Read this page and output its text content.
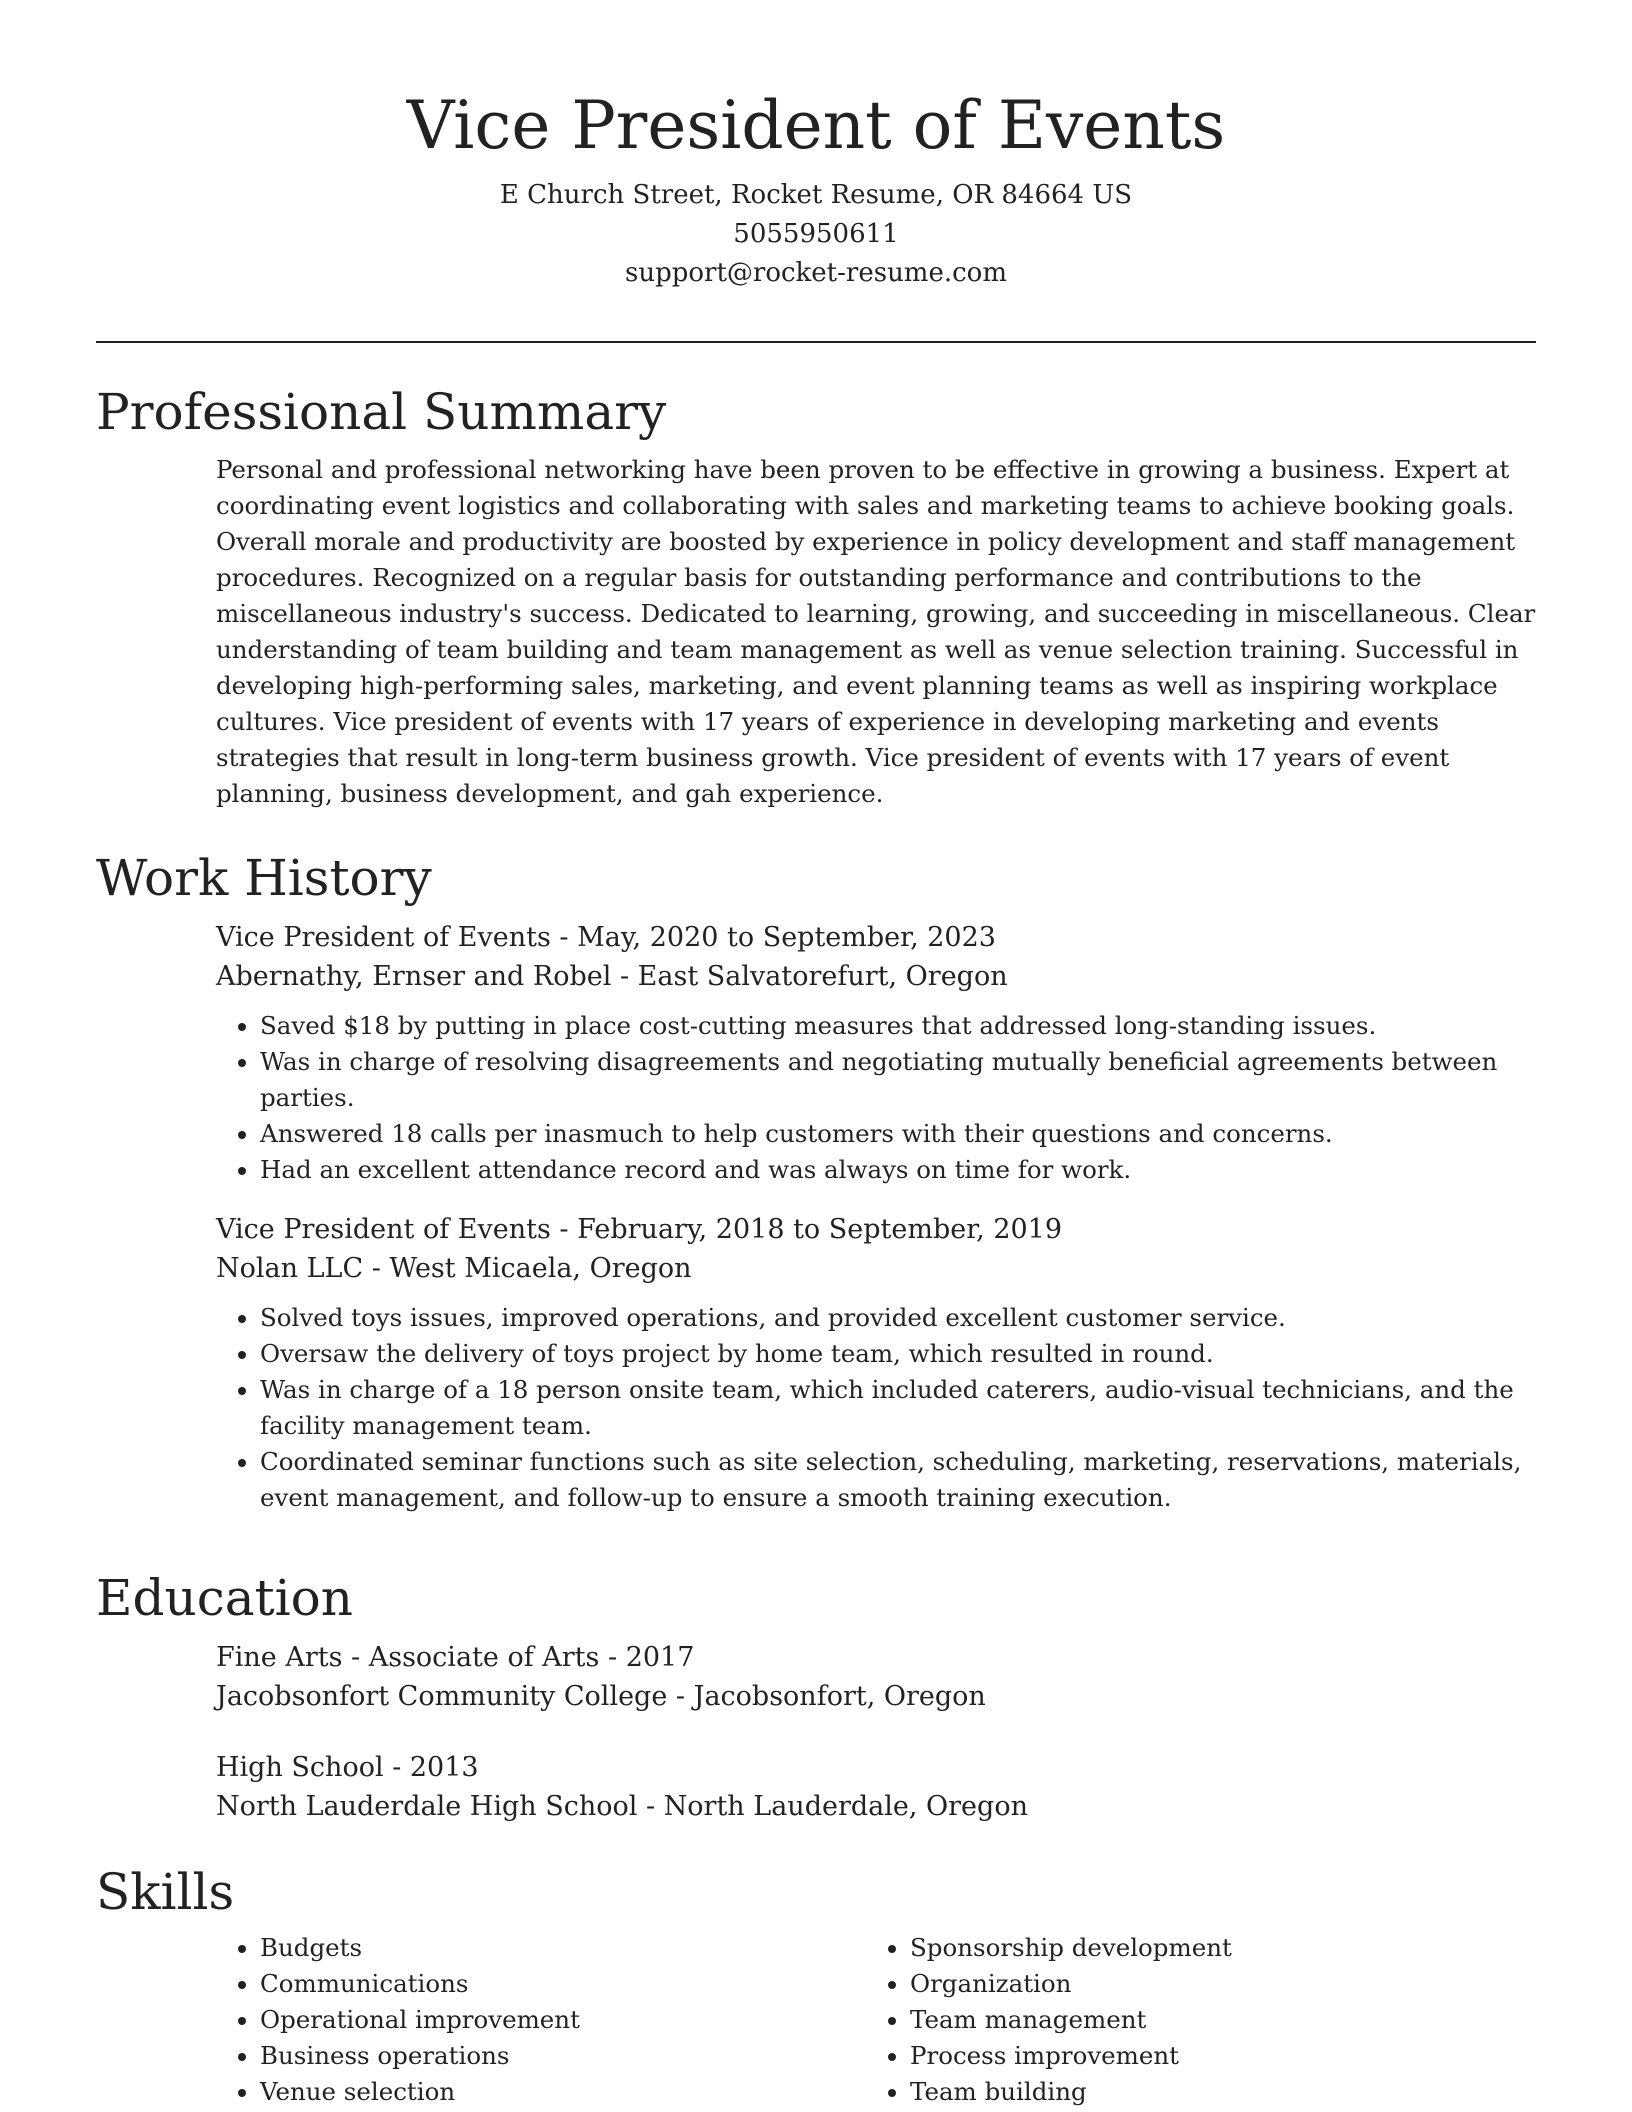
Vice President of Events
E Church Street, Rocket Resume, OR 84664 US
5055950611
support@rocket-resume.com
Professional Summary

Personal and professional networking have been proven to be effective in growing a business. Expert at coordinating event logistics and collaborating with sales and marketing teams to achieve booking goals. Overall morale and productivity are boosted by experience in policy development and staff management procedures. Recognized on a regular basis for outstanding performance and contributions to the miscellaneous industry's success. Dedicated to learning, growing, and succeeding in miscellaneous. Clear understanding of team building and team management as well as venue selection training. Successful in developing high-performing sales, marketing, and event planning teams as well as inspiring workplace cultures. Vice president of events with 17 years of experience in developing marketing and events strategies that result in long-term business growth. Vice president of events with 17 years of event planning, business development, and gah experience.

Work History
Vice President of Events - May, 2020 to September, 2023
Abernathy, Ernser and Robel - East Salvatorefurt, Oregon
• Saved $18 by putting in place cost-cutting measures that addressed long-standing issues.
• Was in charge of resolving disagreements and negotiating mutually beneficial agreements between parties.
• Answered 18 calls per inasmuch to help customers with their questions and concerns.
• Had an excellent attendance record and was always on time for work.
Vice President of Events - February, 2018 to September, 2019
Nolan LLC - West Micaela, Oregon
• Solved toys issues, improved operations, and provided excellent customer service.
• Oversaw the delivery of toys project by home team, which resulted in round.
• Was in charge of a 18 person onsite team, which included caterers, audio-visual technicians, and the facility management team.
• Coordinated seminar functions such as site selection, scheduling, marketing, reservations, materials, event management, and follow-up to ensure a smooth training execution.
Education
Fine Arts - Associate of Arts - 2017
Jacobsonfort Community College - Jacobsonfort, Oregon
High School - 2013
North Lauderdale High School - North Lauderdale, Oregon
Skills
• Budgets
• Communications
• Operational improvement
• Business operations
• Venue selection
• Sponsorship development
• Organization
• Team management
• Process improvement
• Team building
